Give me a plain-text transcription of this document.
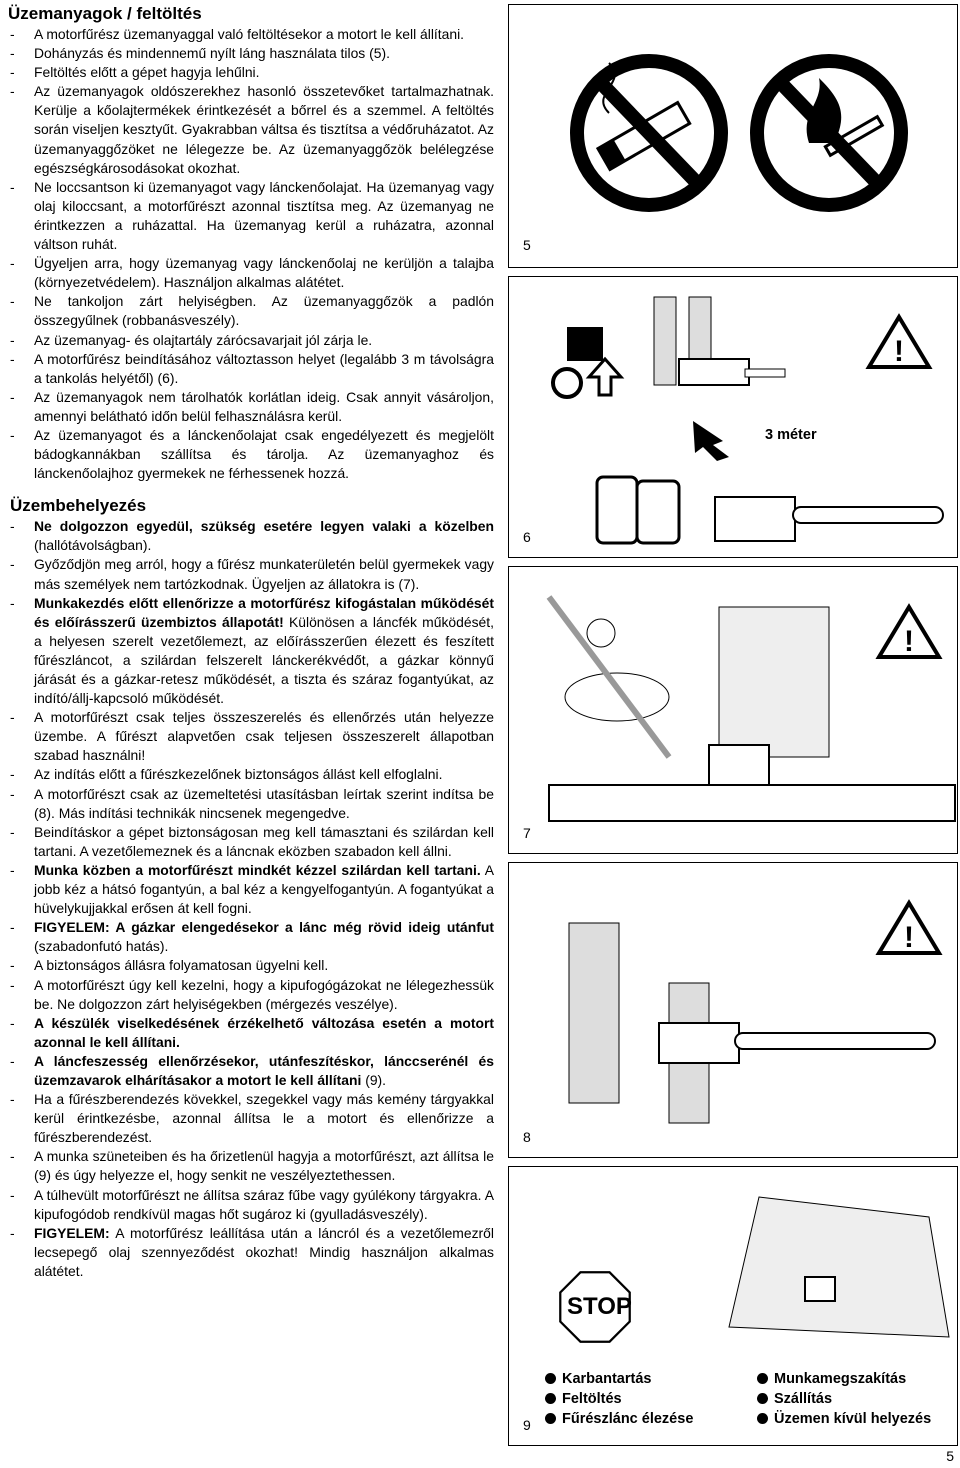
Üzemanyagok / feltöltés
- A motorfűrész üzemanyaggal való feltöltésekor a motort le kell állítani.
- Dohányzás és mindennemű nyílt láng használata tilos (5).
- Feltöltés előtt a gépet hagyja lehűlni.
- Az üzemanyagok oldószerekhez hasonló összetevőket tartalmazhatnak. Kerülje a kőolajtermékek érintkezését a bőrrel és a szemmel. A feltöltés során viseljen kesztyűt. Gyakrabban váltsa és tisztítsa a védőruházatot. Az üzemanyaggőzöket ne lélegezze be. Az üzemanyaggőzök belélegzése egészségkárosodásokat okozhat.
- Ne loccsantson ki üzemanyagot vagy lánckenőolajat. Ha üzemanyag vagy olaj kiloccsant, a motorfűrészt azonnal tisztítsa meg. Az üzemanyag ne érintkezzen a ruházattal. Ha üzemanyag kerül a ruházatra, azonnal váltson ruhát.
- Ügyeljen arra, hogy üzemanyag vagy lánckenőolaj ne kerüljön a talajba (környezetvédelem). Használjon alkalmas alátétet.
- Ne tankoljon zárt helyiségben. Az üzemanyaggőzök a padlón összegyűlnek (robbanásveszély).
- Az üzemanyag- és olajtartály zárócsavarjait jól zárja le.
- A motorfűrész beindításához változtasson helyet (legalább 3 m távolságra a tankolás helyétől) (6).
- Az üzemanyagok nem tárolhatók korlátlan ideig. Csak annyit vásároljon, amennyi belátható időn belül felhasználásra kerül.
- Az üzemanyagot és a lánckenőolajat csak engedélyezett és megjelölt bádogkannákban szállítsa és tárolja. Az üzemanyaghoz és lánckenőolajhoz gyermekek ne férhessenek hozzá.
Üzembehelyezés
- Ne dolgozzon egyedül, szükség esetére legyen valaki a közelben (hallótávolságban).
- Győződjön meg arról, hogy a fűrész munkaterületén belül gyermekek vagy más személyek nem tartózkodnak. Ügyeljen az állatokra is (7).
- Munkakezdés előtt ellenőrizze a motorfűrész kifogástalan működését és előírásszerű üzembiztos állapotát! Különösen a láncfék működését, a helyesen szerelt vezetőlemezt, az előírásszerűen élezett és feszített fűrészláncot, a szilárdan felszerelt lánckerékvédőt, a gázkar könnyű járását és a gázkar-retesz működését, a tiszta és száraz fogantyúkat, az indító/állj-kapcsoló működését.
- A motorfűrészt csak teljes összeszerelés és ellenőrzés után helyezze üzembe. A fűrészt alapvetően csak teljesen összeszerelt állapotban szabad használni!
- Az indítás előtt a fűrészkezelőnek biztonságos állást kell elfoglalni.
- A motorfűrészt csak az üzemeltetési utasításban leírtak szerint indítsa be (8). Más indítási technikák nincsenek megengedve.
- Beindításkor a gépet biztonságosan meg kell támasztani és szilárdan kell tartani. A vezetőlemeznek és a láncnak eközben szabadon kell állni.
- Munka közben a motorfűrészt mindkét kézzel szilárdan kell tartani. A jobb kéz a hátsó fogantyún, a bal kéz a kengyelfogantyún. A fogantyúkat a hüvelykujjakkal erősen át kell fogni.
- FIGYELEM: A gázkar elengedésekor a lánc még rövid ideig utánfut (szabadonfutó hatás).
- A biztonságos állásra folyamatosan ügyelni kell.
- A motorfűrészt úgy kell kezelni, hogy a kipufogógázokat ne lélegezhessük be. Ne dolgozzon zárt helyiségekben (mérgezés veszélye).
- A készülék viselkedésének érzékelhető változása esetén a motort azonnal le kell állítani.
- A láncfeszesség ellenőrzésekor, utánfeszítéskor, lánccserénél és üzemzavarok elhárításakor a motort le kell állítani (9).
- Ha a fűrészberendezés kövekkel, szegekkel vagy más kemény tárgyakkal kerül érintkezésbe, azonnal állítsa le a motort és ellenőrizze a fűrészberendezést.
- A munka szüneteiben és ha őrizetlenül hagyja a motorfűrészt, azt állítsa le (9) és úgy helyezze el, hogy senkit ne veszélyeztethessen.
- A túlhevült motorfűrészt ne állítsa száraz fűbe vagy gyúlékony tárgyakra. A kipufogódob rendkívül magas hőt sugároz ki (gyulladásveszély).
- FIGYELEM: A motorfűrész leállítása után a láncról és a vezetőlemezről lecsepegő olaj szennyeződést okozhat! Mindig használjon alkalmas alátétet.
5
6
3 méter
!
7
!
8
!
9
STOP
Karbantartás
Feltöltés
Fűrészlánc élezése
Munkamegszakítás
Szállítás
Üzemen kívül helyezés
5
